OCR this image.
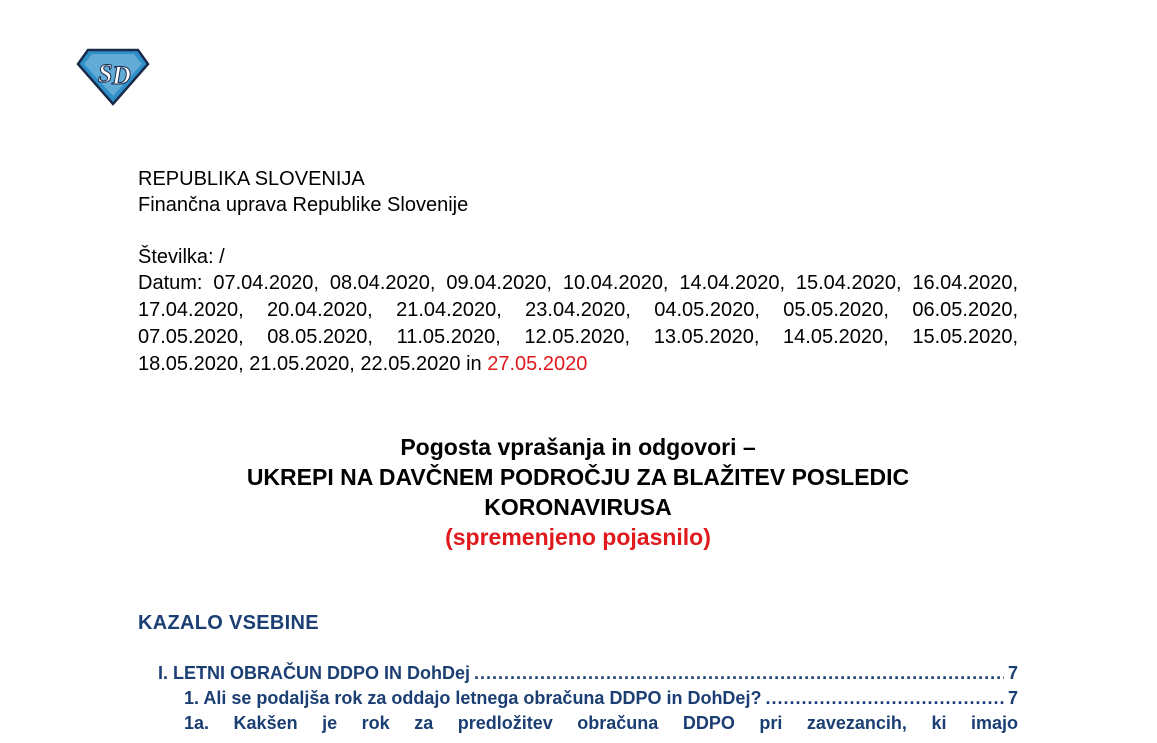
S D
REPUBLIKA SLOVENIJA
Finančna uprava Republike Slovenije
Številka: /
Datum: 07.04.2020, 08.04.2020, 09.04.2020, 10.04.2020, 14.04.2020, 15.04.2020, 16.04.2020, 17.04.2020, 20.04.2020, 21.04.2020, 23.04.2020, 04.05.2020, 05.05.2020, 06.05.2020, 07.05.2020, 08.05.2020, 11.05.2020, 12.05.2020, 13.05.2020, 14.05.2020, 15.05.2020, 18.05.2020, 21.05.2020, 22.05.2020 in 27.05.2020
Pogosta vprašanja in odgovori –
UKREPI NA DAVČNEM PODROČJU ZA BLAŽITEV POSLEDIC
KORONAVIRUSA
(spremenjeno pojasnilo)
KAZALO VSEBINE
I. LETNI OBRAČUN DDPO IN DohDej .....	7
1. Ali se podaljša rok za oddajo letnega obračuna DDPO in DohDej? .....	7
1a. Kakšen je rok za predložitev obračuna DDPO pri zavezancih, ki imajo
